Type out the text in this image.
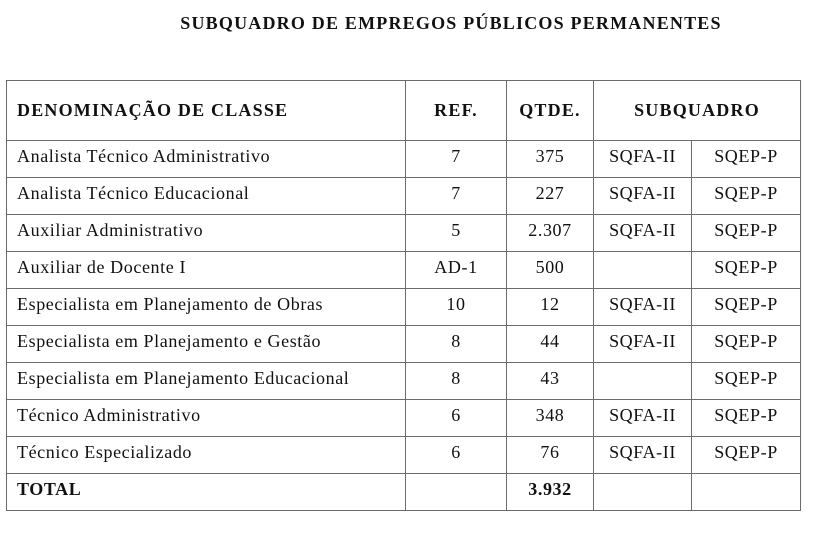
SUBQUADRO DE EMPREGOS PÚBLICOS PERMANENTES
DENOMINAÇÃO DE CLASSE	REF.	QTDE.	SUBQUADRO	
Analista Técnico Administrativo	7	375	SQFA-II	SQEP-P
Analista Técnico Educacional	7	227	SQFA-II	SQEP-P
Auxiliar Administrativo	5	2.307	SQFA-II	SQEP-P
Auxiliar de Docente I	AD-1	500		SQEP-P
Especialista em Planejamento de Obras	10	12	SQFA-II	SQEP-P
Especialista em Planejamento e Gestão	8	44	SQFA-II	SQEP-P
Especialista em Planejamento Educacional	8	43		SQEP-P
Técnico Administrativo	6	348	SQFA-II	SQEP-P
Técnico Especializado	6	76	SQFA-II	SQEP-P
TOTAL		3.932		
